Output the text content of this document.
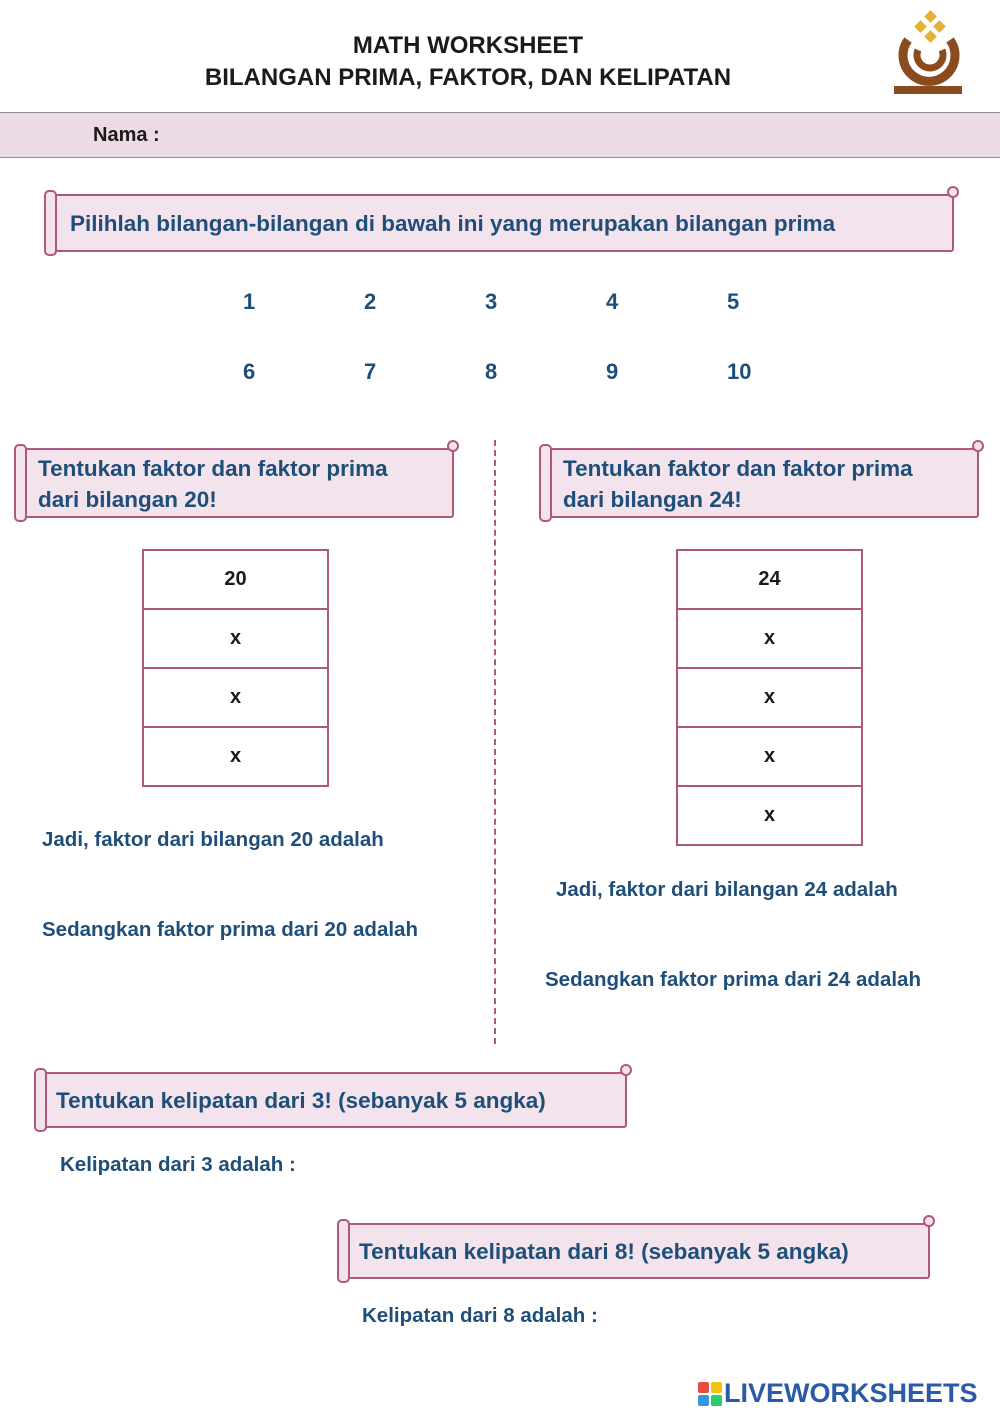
MATH WORKSHEET
BILANGAN PRIMA, FAKTOR, DAN KELIPATAN
Nama :
Pilihlah bilangan-bilangan di bawah ini yang merupakan bilangan prima
1	2	3	4	5
6	7	8	9	10
Tentukan faktor dan faktor prima
dari bilangan 20!
20
x
x
x
Jadi, faktor dari bilangan 20 adalah
Sedangkan faktor prima dari 20 adalah
Tentukan faktor dan faktor prima
dari bilangan 24!
24
x
x
x
x
Jadi, faktor dari bilangan 24 adalah
Sedangkan faktor prima dari 24 adalah
Tentukan kelipatan dari 3! (sebanyak 5 angka)
Kelipatan dari 3 adalah :
Tentukan kelipatan dari 8! (sebanyak 5 angka)
Kelipatan dari 8 adalah :
LIVEWORKSHEETS
